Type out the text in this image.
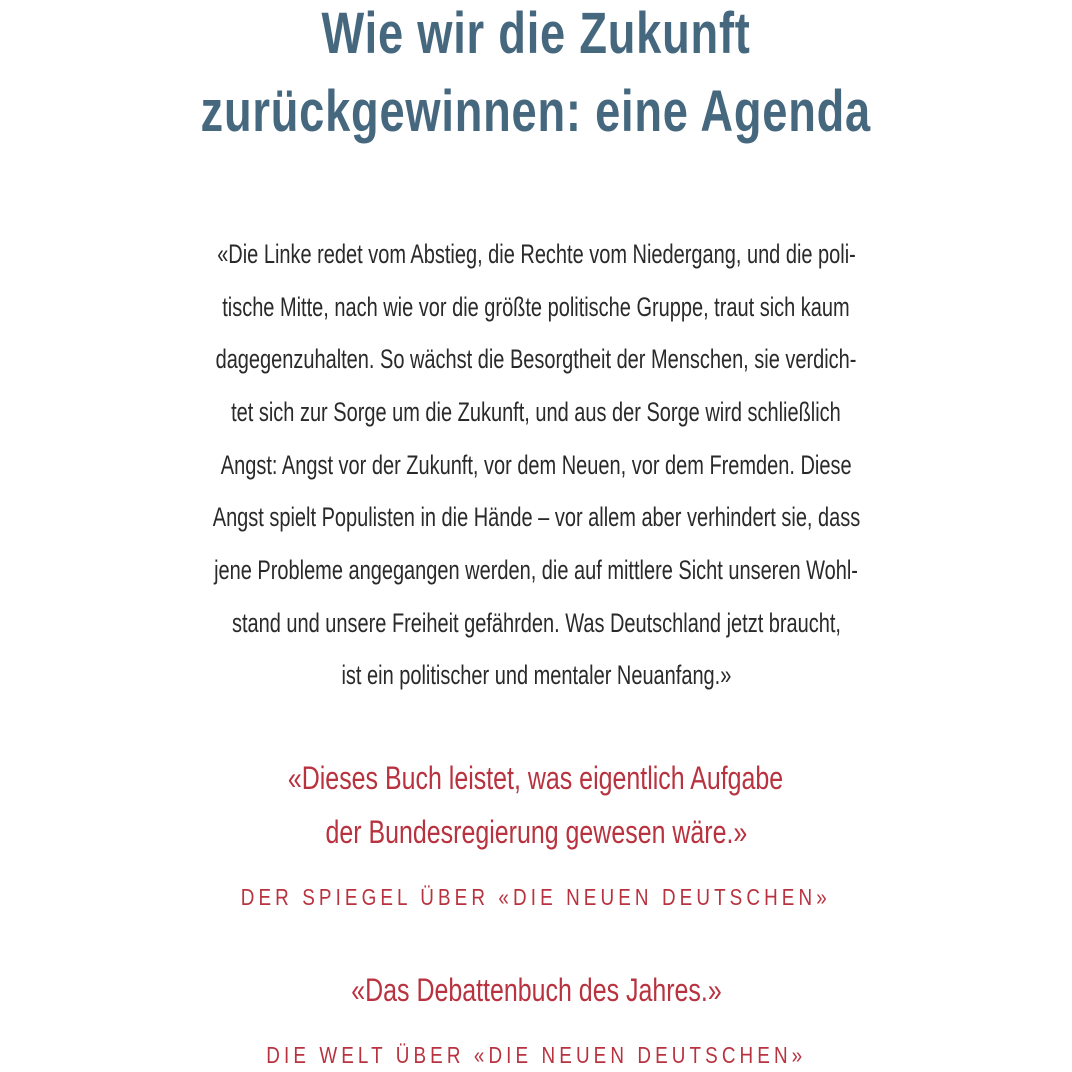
Wie wir die Zukunft
zurückgewinnen: eine Agenda
«Die Linke redet vom Abstieg, die Rechte vom Niedergang, und die poli-
tische Mitte, nach wie vor die größte politische Gruppe, traut sich kaum
dagegenzuhalten. So wächst die Besorgtheit der Menschen, sie verdich-
tet sich zur Sorge um die Zukunft, und aus der Sorge wird schließlich
Angst: Angst vor der Zukunft, vor dem Neuen, vor dem Fremden. Diese
Angst spielt Populisten in die Hände – vor allem aber verhindert sie, dass
jene Probleme angegangen werden, die auf mittlere Sicht unseren Wohl-
stand und unsere Freiheit gefährden. Was Deutschland jetzt braucht,
ist ein politischer und mentaler Neuanfang.»
«Dieses Buch leistet, was eigentlich Aufgabe
der Bundesregierung gewesen wäre.»
DER SPIEGEL ÜBER «DIE NEUEN DEUTSCHEN»
«Das Debattenbuch des Jahres.»
DIE WELT ÜBER «DIE NEUEN DEUTSCHEN»
